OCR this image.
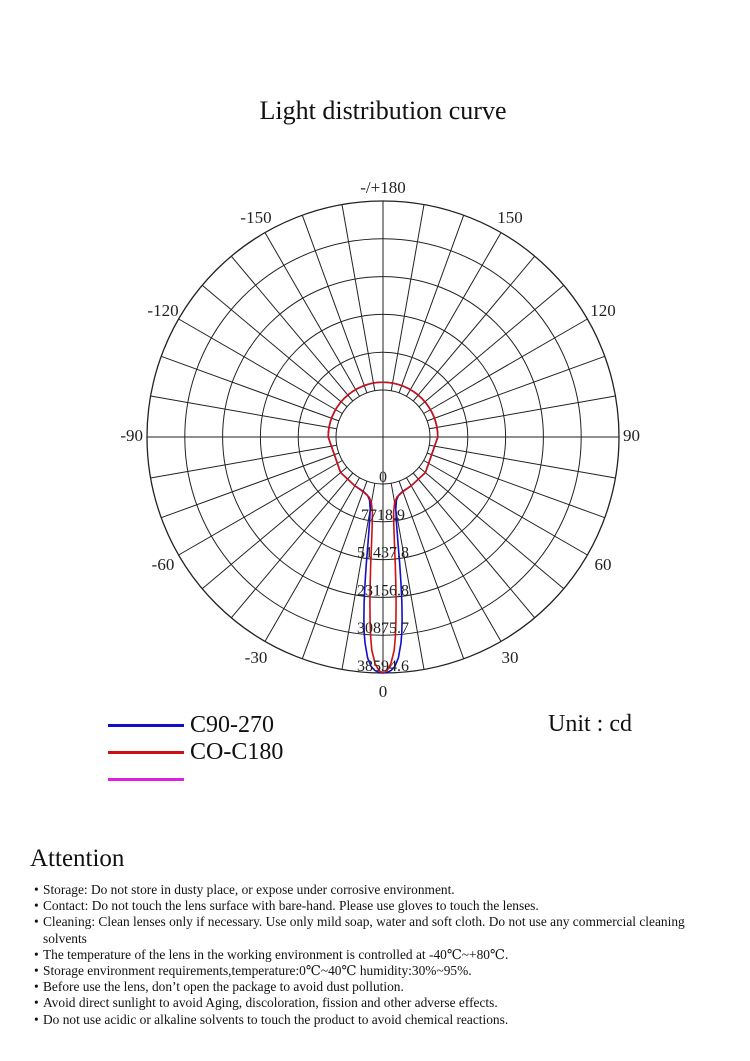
Light distribution curve
0
7718.9
51437.8
23156.8
30875.7
38594.6
-/+180
150
-150
120
-120
90
-90
60
-60
30
-30
0
C90-270
CO-C180
Unit : cd
Attention
• Storage: Do not store in dusty place, or expose under corrosive environment.
• Contact: Do not touch the lens surface with bare-hand. Please use gloves to touch the lenses.
• Cleaning: Clean lenses only if necessary. Use only mild soap, water and soft cloth. Do not use any commercial cleaning solvents
• The temperature of the lens in the working environment is controlled at -40℃~+80℃.
• Storage environment requirements,temperature:0℃~40℃ humidity:30%~95%.
• Before use the lens, don’t open the package to avoid dust pollution.
• Avoid direct sunlight to avoid Aging, discoloration, fission and other adverse effects.
• Do not use acidic or alkaline solvents to touch the product to avoid chemical reactions.
